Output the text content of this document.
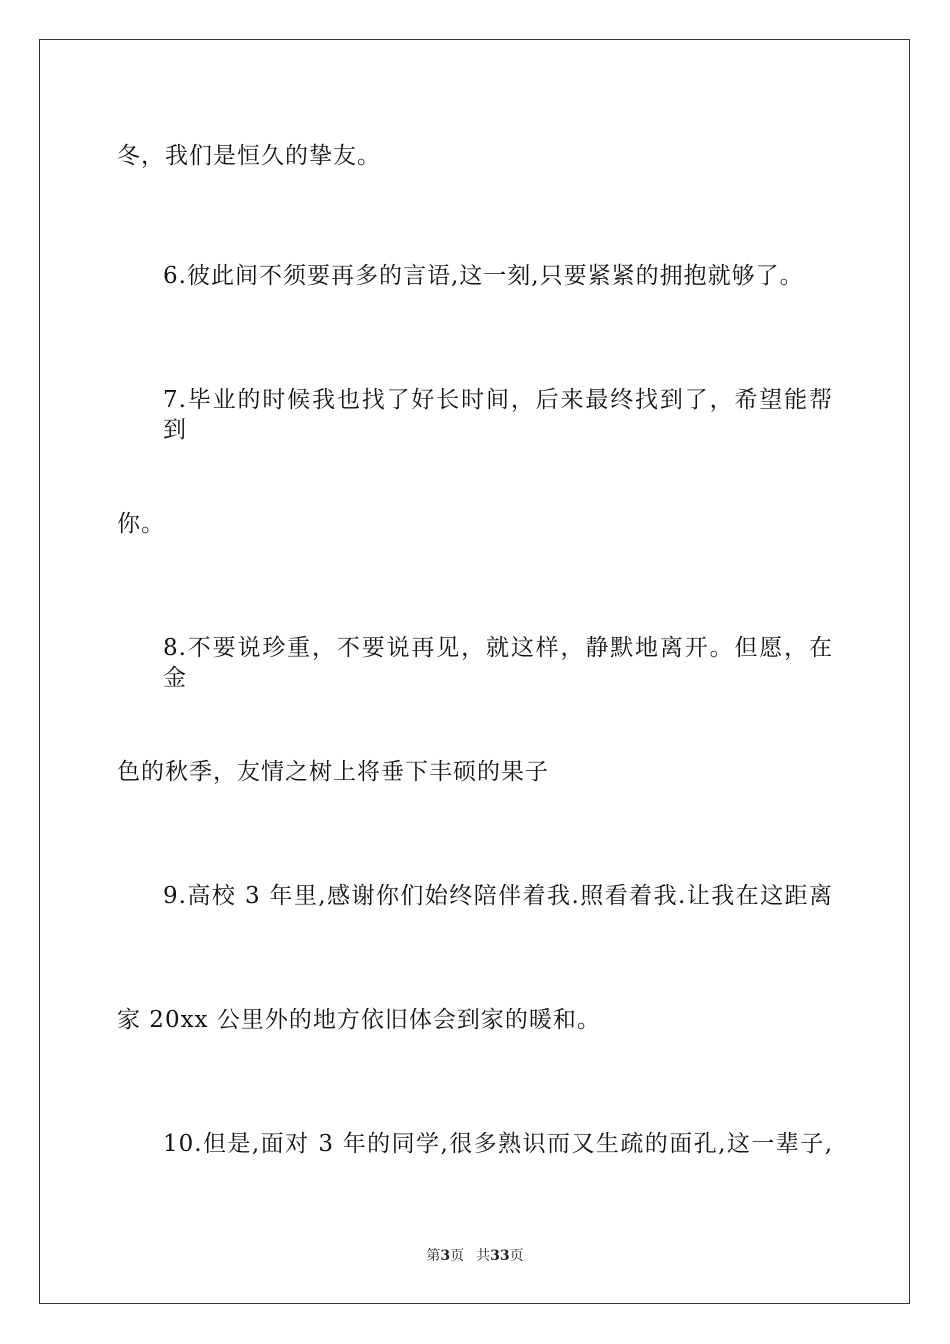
冬，我们是恒久的挚友。
6.彼此间不须要再多的言语,这一刻,只要紧紧的拥抱就够了。
7.毕业的时候我也找了好长时间，后来最终找到了，希望能帮到
你。
8.不要说珍重，不要说再见，就这样，静默地离开。但愿，在金
色的秋季，友情之树上将垂下丰硕的果子
9.高校 3 年里,感谢你们始终陪伴着我.照看着我.让我在这距离
家 20xx 公里外的地方依旧体会到家的暖和。
10.但是,面对 3 年的同学,很多熟识而又生疏的面孔,这一辈子,
第3页 共33页
